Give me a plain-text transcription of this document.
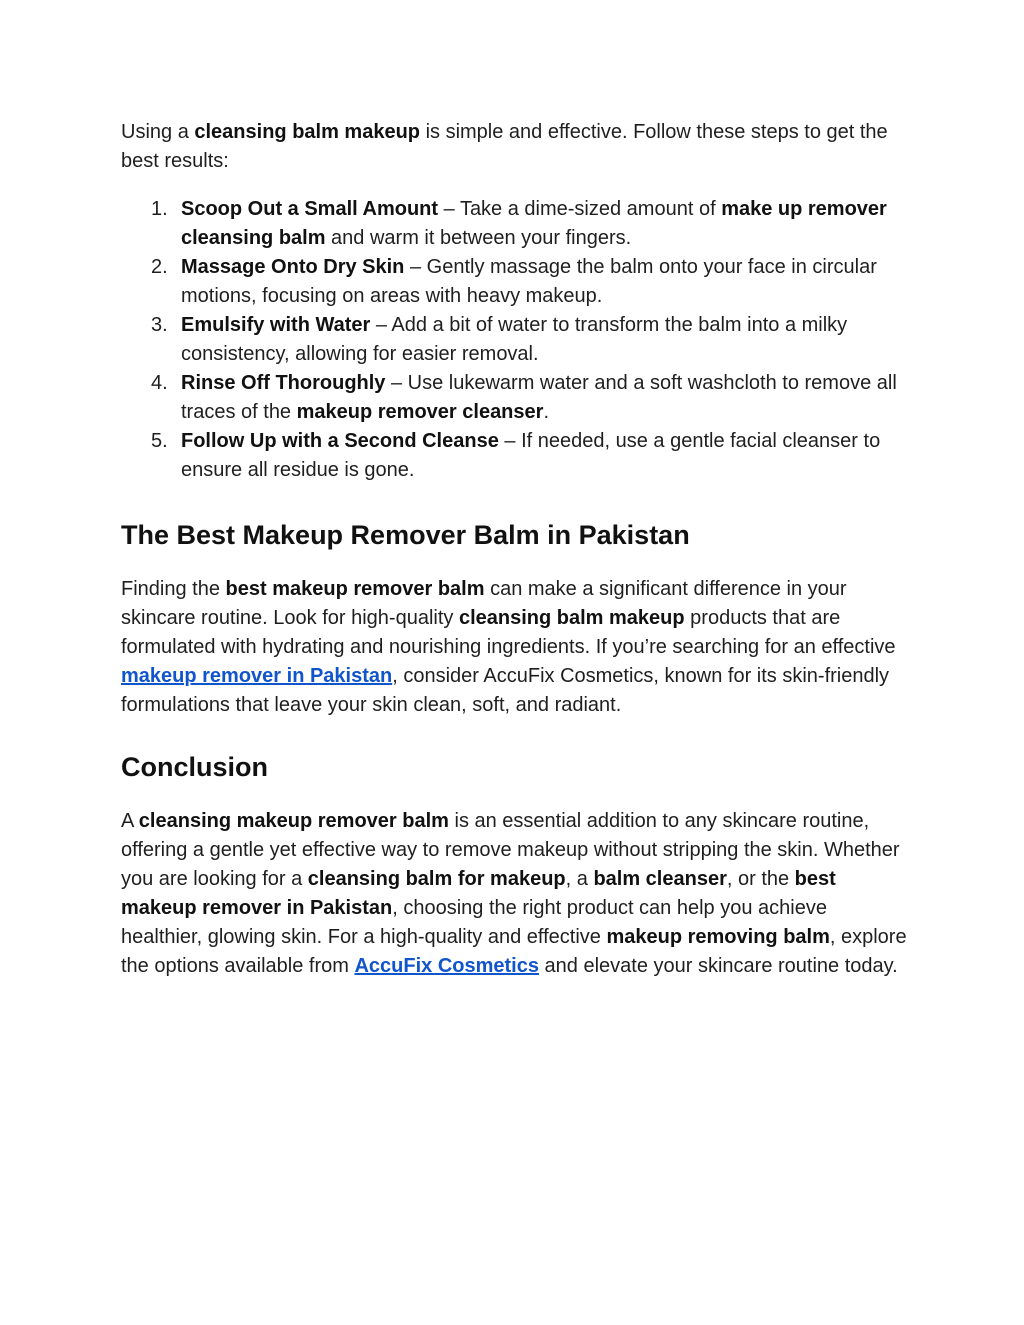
Using a cleansing balm makeup is simple and effective. Follow these steps to get the best results:

1. Scoop Out a Small Amount – Take a dime-sized amount of make up remover cleansing balm and warm it between your fingers.
2. Massage Onto Dry Skin – Gently massage the balm onto your face in circular motions, focusing on areas with heavy makeup.
3. Emulsify with Water – Add a bit of water to transform the balm into a milky consistency, allowing for easier removal.
4. Rinse Off Thoroughly – Use lukewarm water and a soft washcloth to remove all traces of the makeup remover cleanser.
5. Follow Up with a Second Cleanse – If needed, use a gentle facial cleanser to ensure all residue is gone.
The Best Makeup Remover Balm in Pakistan

Finding the best makeup remover balm can make a significant difference in your skincare routine. Look for high-quality cleansing balm makeup products that are formulated with hydrating and nourishing ingredients. If you’re searching for an effective makeup remover in Pakistan, consider AccuFix Cosmetics, known for its skin-friendly formulations that leave your skin clean, soft, and radiant.

Conclusion

A cleansing makeup remover balm is an essential addition to any skincare routine, offering a gentle yet effective way to remove makeup without stripping the skin. Whether you are looking for a cleansing balm for makeup, a balm cleanser, or the best makeup remover in Pakistan, choosing the right product can help you achieve healthier, glowing skin. For a high-quality and effective makeup removing balm, explore the options available from AccuFix Cosmetics and elevate your skincare routine today.
